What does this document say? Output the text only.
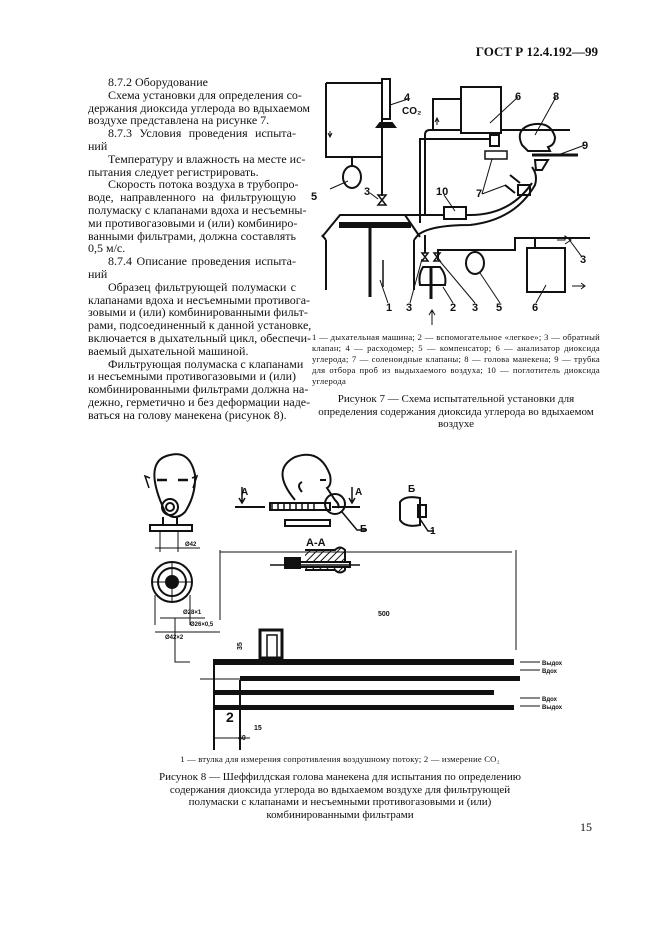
ГОСТ Р 12.4.192—99
8.7.2 Оборудование
Схема установки для определения со-
держания диоксида углерода во вдыхаемом
воздухе представлена на рисунке 7.
8.7.3 Условия проведения испыта-
ний
Температуру и влажность на месте ис-
пытания следует регистрировать.
Скорость потока воздуха в трубопро-
воде, направленного на фильтрующую
полумаску с клапанами вдоха и несъемны-
ми противогазовыми и (или) комбиниро-
ванными фильтрами, должна составлять
0,5 м/с.
8.7.4 Описание проведения испыта-
ний
Образец фильтрующей полумаски с
клапанами вдоха и несъемными противога-
зовыми и (или) комбинированными фильт-
рами, подсоединенный к данной установке,
включается в дыхательный цикл, обеспечи-
ваемый дыхательной машиной.
Фильтрующая полумаска с клапанами
и несъемными противогазовыми и (или)
комбинированными фильтрами должна на-
дежно, герметично и без деформации наде-
ваться на голову манекена (рисунок 8).
5	3
4
CO₂
6	8
9
10	7
3
1 3	2 3 5	6
1 — дыхательная машина; 2 — вспомогательное «легкое»; 3 — обратный клапан; 4 — расходомер; 5 — компенсатор; 6 — анализатор диоксида углерода; 7 — соленоидные клапаны; 8 — голова манекена; 9 — трубка для отбора проб из выдыхаемого воздуха; 10 — поглотитель диоксида углерода
Рисунок 7 — Схема испытательной установки для определения содержания диоксида углерода во вдыхаемом воздухе
А	А
Б
Б
1
А-А
Ø42
Ø28×1
Ø26×0,5
Ø42×2
500
35
15
40
2
Выдох
Вдох
Вдох
Выдох
1 — втулка для измерения сопротивления воздушному потоку; 2 — измерение CO₂
Рисунок 8 — Шеффилдская голова манекена для испытания по определению содержания диоксида углерода во вдыхаемом воздухе для фильтрующей полумаски с клапанами и несъемными противогазовыми и (или) комбинированными фильтрами
15
